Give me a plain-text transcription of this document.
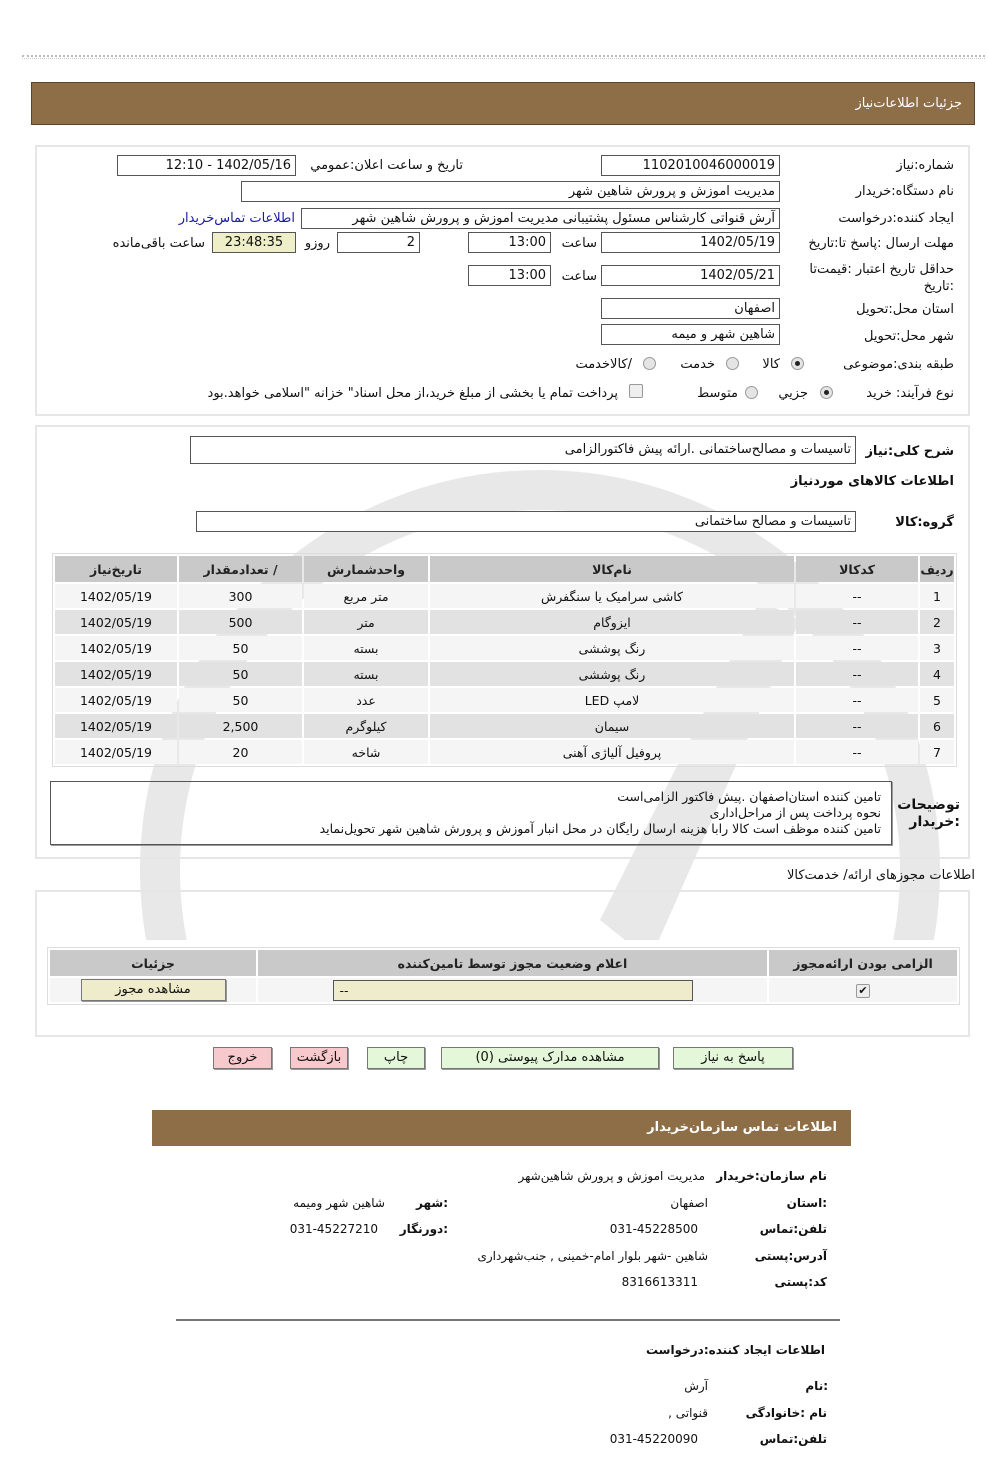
جزئیات اطلاعات‌نیاز
شماره:نیاز
1102010046000019
تاریخ و ساعت اعلان:عمومي
1402/05/16 - 12:10
نام دستگاه:خریدار
مدیریت اموزش و پرورش شاهین شهر
ایجاد کننده:درخواست
آرش قنواتی کارشناس مسئول پشتیبانی مدیریت اموزش و پرورش شاهین شهر
اطلاعات تماس‌خریدار
مهلت ارسال :پاسخ تا:تاریخ
1402/05/19
ساعت
13:00
2
روزو
23:48:35
ساعت باقی‌مانده
حداقل تاریخ اعتبار :قیمت‌تا :تاریخ
1402/05/21
ساعت
13:00
استان محل:تحویل
اصفهان
شهر محل:تحویل
شاهین شهر و میمه
طبقه بندی:موضوعی
کالا
خدمت
/کالاخدمت
نوع فرآیند: خرید
جزيي
متوسط
پرداخت تمام یا بخشی از مبلغ خرید،از محل اسناد" خزانه "اسلامی خواهد.بود
شرح کلی:نیاز
تاسیسات و مصالح‌ساختمانی .ارائه پیش فاکتورالزامی
اطلاعات کالاهای موردنیاز
گروه:کالا
تاسیسات و مصالح ساختمانی
ردیف	کدکالا	نام‌کالا	واحدشمارش	/ تعدادمقدار	تاریخ‌نیاز
1	--	کاشی سرامیک یا سنگفرش	متر مربع	300	1402/05/19
2	--	ایزوگام	متر	500	1402/05/19
3	--	رنگ پوششی	بسته	50	1402/05/19
4	--	رنگ پوششی	بسته	50	1402/05/19
5	--	لامپ LED	عدد	50	1402/05/19
6	--	سیمان	کیلوگرم	2,500	1402/05/19
7	--	پروفیل آلیاژی آهنی	شاخه	20	1402/05/19
توضیحات :خریدار
تامین کننده استان‌اصفهان .پیش فاکتور الزامی‌است
نحوه پرداخت پس از مراحل‌اداری
تامین کننده موظف است کالا رابا هزینه ارسال رایگان در محل انبار آموزش و پرورش شاهین شهر تحویل‌نماید
اطلاعات مجوزهای ارائه/ خدمت‌کالا
الزامی بودن ارائه‌مجوز	اعلام وضعیت مجوز توسط تامین‌کننده	جزئیات
✔	--	مشاهده مجوز
پاسخ به نیاز
مشاهده مدارک پیوستی (0)
چاپ
بازگشت
خروج
اطلاعات تماس سازمان‌خریدار
نام سازمان:خریدار
مدیریت اموزش و پرورش شاهین‌شهر
:استان
اصفهان
:شهر
شاهین شهر ومیمه
تلفن:تماس
031-45228500
:دورنگار
031-45227210
آدرس:پستی
شاهین -شهر بلوار امام-خمینی , جنب‌شهرداری
کد:پستی
8316613311
اطلاعات ایجاد کننده:درخواست
:نام
آرش
نام :خانوادگی
قنواتی ,
تلفن:تماس
031-45220090
